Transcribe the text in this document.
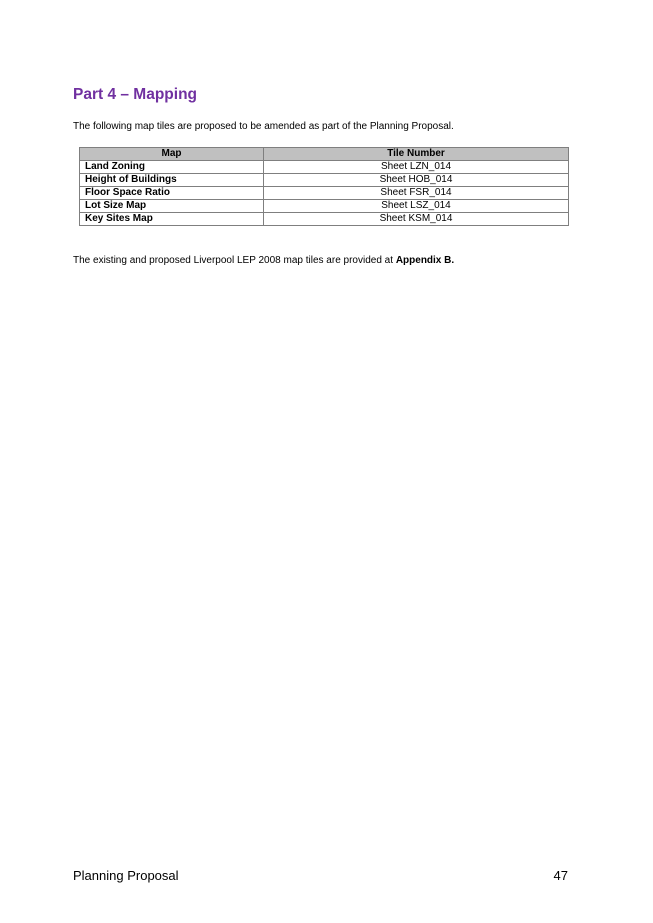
Part 4 – Mapping

The following map tiles are proposed to be amended as part of the Planning Proposal.

Map	Tile Number
Land Zoning	Sheet LZN_014
Height of Buildings	Sheet HOB_014
Floor Space Ratio	Sheet FSR_014
Lot Size Map	Sheet LSZ_014
Key Sites Map	Sheet KSM_014

The existing and proposed Liverpool LEP 2008 map tiles are provided at Appendix B.

Planning Proposal	47
